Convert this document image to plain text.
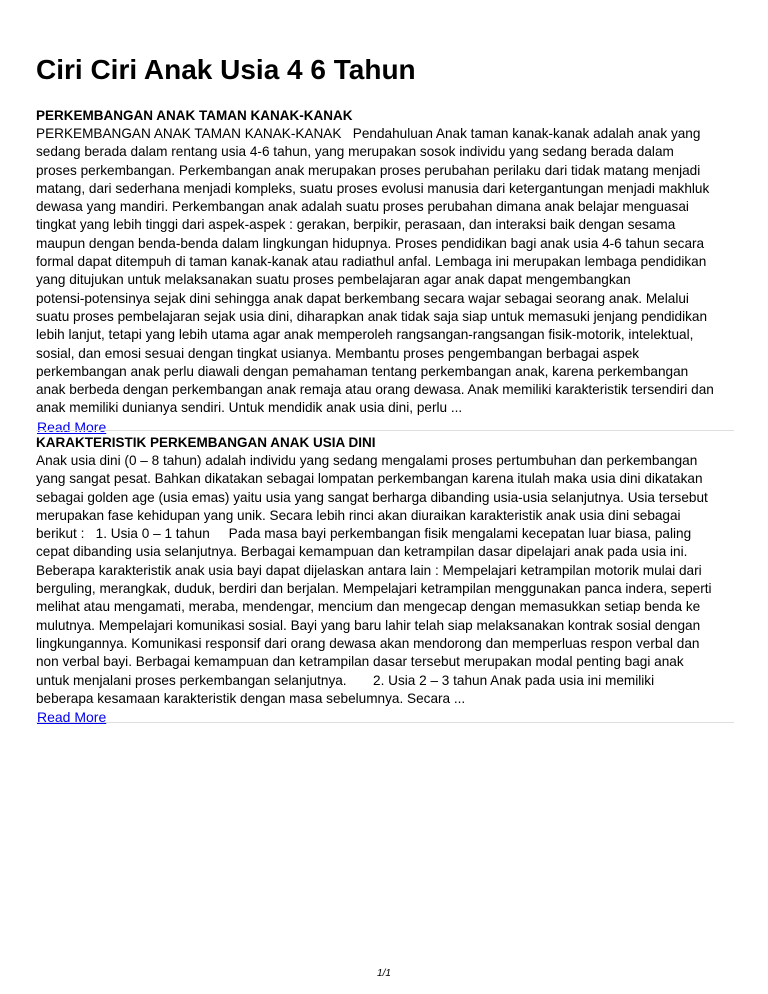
Ciri Ciri Anak Usia 4 6 Tahun
PERKEMBANGAN ANAK TAMAN KANAK-KANAK

PERKEMBANGAN ANAK TAMAN KANAK-KANAK   Pendahuluan Anak taman kanak-kanak adalah anak yang
sedang berada dalam rentang usia 4-6 tahun, yang merupakan sosok individu yang sedang berada dalam
proses perkembangan. Perkembangan anak merupakan proses perubahan perilaku dari tidak matang menjadi
matang, dari sederhana menjadi kompleks, suatu proses evolusi manusia dari ketergantungan menjadi makhluk
dewasa yang mandiri. Perkembangan anak adalah suatu proses perubahan dimana anak belajar menguasai
tingkat yang lebih tinggi dari aspek-aspek : gerakan, berpikir, perasaan, dan interaksi baik dengan sesama
maupun dengan benda-benda dalam lingkungan hidupnya. Proses pendidikan bagi anak usia 4-6 tahun secara
formal dapat ditempuh di taman kanak-kanak atau radiathul anfal. Lembaga ini merupakan lembaga pendidikan
yang ditujukan untuk melaksanakan suatu proses pembelajaran agar anak dapat mengembangkan
potensi-potensinya sejak dini sehingga anak dapat berkembang secara wajar sebagai seorang anak. Melalui
suatu proses pembelajaran sejak usia dini, diharapkan anak tidak saja siap untuk memasuki jenjang pendidikan
lebih lanjut, tetapi yang lebih utama agar anak memperoleh rangsangan-rangsangan fisik-motorik, intelektual,
sosial, dan emosi sesuai dengan tingkat usianya. Membantu proses pengembangan berbagai aspek
perkembangan anak perlu diawali dengan pemahaman tentang perkembangan anak, karena perkembangan
anak berbeda dengan perkembangan anak remaja atau orang dewasa. Anak memiliki karakteristik tersendiri dan
anak memiliki dunianya sendiri. Untuk mendidik anak usia dini, perlu ...

Read More
KARAKTERISTIK PERKEMBANGAN ANAK USIA DINI

Anak usia dini (0 – 8 tahun) adalah individu yang sedang mengalami proses pertumbuhan dan perkembangan
yang sangat pesat. Bahkan dikatakan sebagai lompatan perkembangan karena itulah maka usia dini dikatakan
sebagai golden age (usia emas) yaitu usia yang sangat berharga dibanding usia-usia selanjutnya. Usia tersebut
merupakan fase kehidupan yang unik. Secara lebih rinci akan diuraikan karakteristik anak usia dini sebagai
berikut :   1. Usia 0 – 1 tahun     Pada masa bayi perkembangan fisik mengalami kecepatan luar biasa, paling
cepat dibanding usia selanjutnya. Berbagai kemampuan dan ketrampilan dasar dipelajari anak pada usia ini.
Beberapa karakteristik anak usia bayi dapat dijelaskan antara lain : Mempelajari ketrampilan motorik mulai dari
berguling, merangkak, duduk, berdiri dan berjalan. Mempelajari ketrampilan menggunakan panca indera, seperti
melihat atau mengamati, meraba, mendengar, mencium dan mengecap dengan memasukkan setiap benda ke
mulutnya. Mempelajari komunikasi sosial. Bayi yang baru lahir telah siap melaksanakan kontrak sosial dengan
lingkungannya. Komunikasi responsif dari orang dewasa akan mendorong dan memperluas respon verbal dan
non verbal bayi. Berbagai kemampuan dan ketrampilan dasar tersebut merupakan modal penting bagi anak
untuk menjalani proses perkembangan selanjutnya.       2. Usia 2 – 3 tahun Anak pada usia ini memiliki
beberapa kesamaan karakteristik dengan masa sebelumnya. Secara ...

Read More
1/1
